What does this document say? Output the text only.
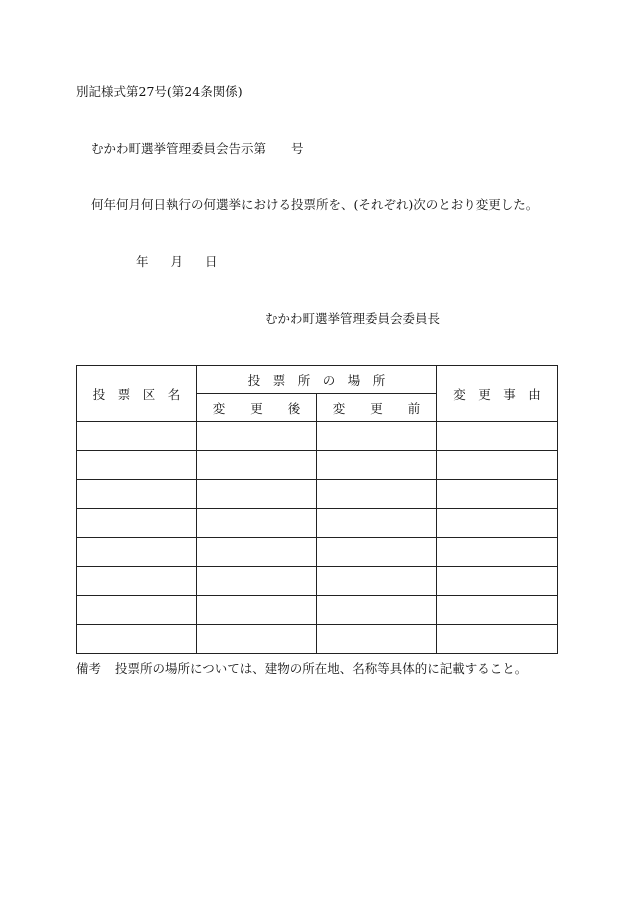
別記様式第27号(第24条関係)
むかわ町選挙管理委員会告示第　　号
何年何月何日執行の何選挙における投票所を、(それぞれ)次のとおり変更した。
年 月 日
むかわ町選挙管理委員会委員長
投　票　区　名	投　票　所　の　場　所		変　更　事　由
	変　　更　　後	変　　更　　前	

備考 投票所の場所については、建物の所在地、名称等具体的に記載すること。
